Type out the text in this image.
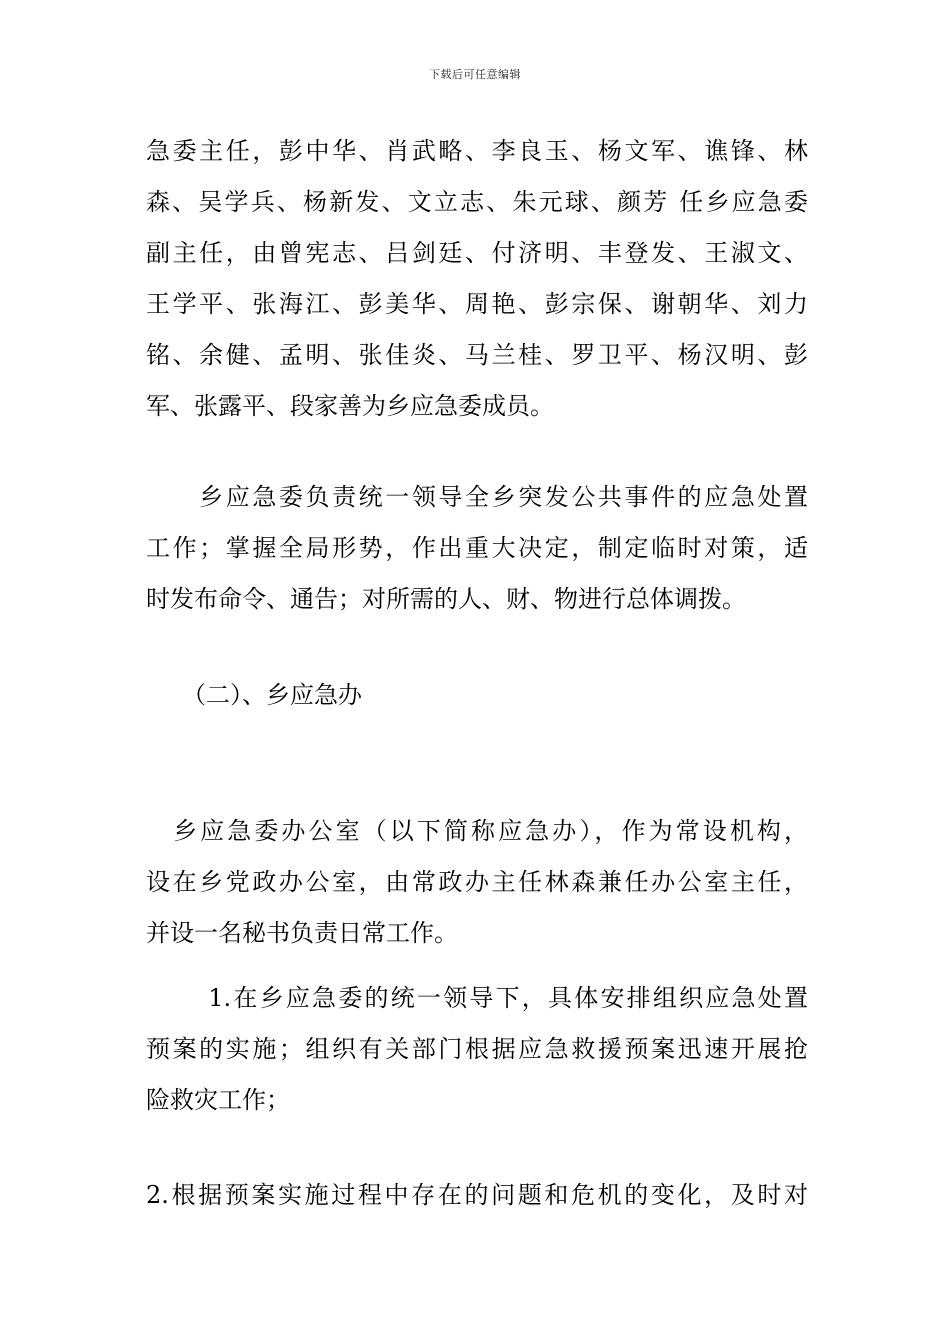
下载后可任意编辑
急委主任，彭中华、肖武略、李良玉、杨文军、谯锋、林
森、吴学兵、杨新发、文立志、朱元球、颜芳 任乡应急委
副主任，由曾宪志、吕剑廷、付济明、丰登发、王淑文、
王学平、张海江、彭美华、周艳、彭宗保、谢朝华、刘力
铭、余健、孟明、张佳炎、马兰桂、罗卫平、杨汉明、彭
军、张露平、段家善为乡应急委成员。
　　乡应急委负责统一领导全乡突发公共事件的应急处置
工作；掌握全局形势，作出重大决定，制定临时对策，适
时发布命令、通告；对所需的人、财、物进行总体调拨。
　　（二）、乡应急办
　乡应急委办公室（以下简称应急办），作为常设机构，
设在乡党政办公室，由常政办主任林森兼任办公室主任，
并设一名秘书负责日常工作。
　　 1.在乡应急委的统一领导下，具体安排组织应急处置
预案的实施；组织有关部门根据应急救援预案迅速开展抢
险救灾工作；
2.根据预案实施过程中存在的问题和危机的变化，及时对
